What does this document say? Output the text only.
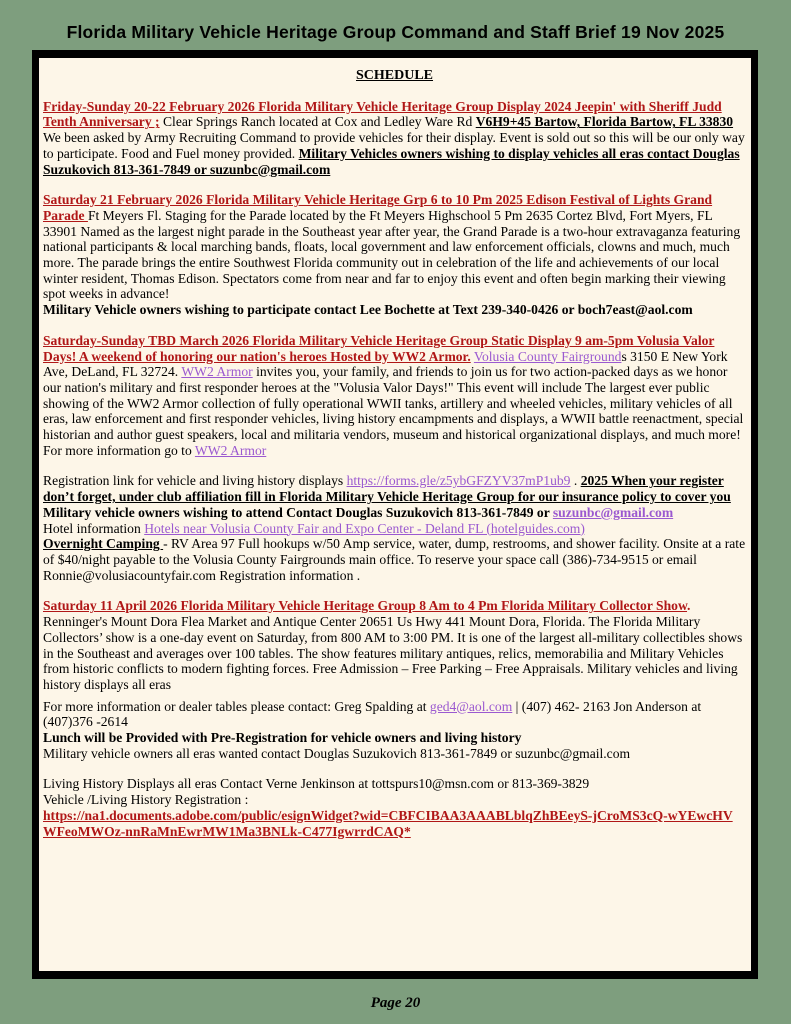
Florida Military Vehicle Heritage Group Command and Staff Brief 19 Nov 2025
SCHEDULE
Friday-Sunday 20-22 February 2026 Florida Military Vehicle Heritage Group Display 2024 Jeepin' with Sheriff Judd Tenth Anniversary ; Clear Springs Ranch located at Cox and Ledley Ware Rd V6H9+45 Bartow, Florida Bartow, FL 33830 We been asked by Army Recruiting Command to provide vehicles for their display. Event is sold out so this will be our only way to participate. Food and Fuel money provided. Military Vehicles owners wishing to display vehicles all eras contact Douglas Suzukovich 813-361-7849 or suzunbc@gmail.com
Saturday 21 February 2026 Florida Military Vehicle Heritage Grp 6 to 10 Pm 2025 Edison Festival of Lights Grand Parade Ft Meyers Fl. Staging for the Parade located by the Ft Meyers Highschool 5 Pm 2635 Cortez Blvd, Fort Myers, FL 33901 Named as the largest night parade in the Southeast year after year, the Grand Parade is a two-hour extravaganza featuring national participants & local marching bands, floats, local government and law enforcement officials, clowns and much, much more. The parade brings the entire Southwest Florida community out in celebration of the life and achievements of our local winter resident, Thomas Edison. Spectators come from near and far to enjoy this event and often begin marking their viewing spot weeks in advance!
Military Vehicle owners wishing to participate contact Lee Bochette at Text 239-340-0426 or boch7east@aol.com
Saturday-Sunday TBD March 2026 Florida Military Vehicle Heritage Group Static Display 9 am-5pm Volusia Valor Days! A weekend of honoring our nation's heroes Hosted by WW2 Armor. Volusia County Fairgrounds 3150 E New York Ave, DeLand, FL 32724. WW2 Armor invites you, your family, and friends to join us for two action-packed days as we honor our nation's military and first responder heroes at the "Volusia Valor Days!" This event will include The largest ever public showing of the WW2 Armor collection of fully operational WWII tanks, artillery and wheeled vehicles, military vehicles of all eras, law enforcement and first responder vehicles, living history encampments and displays, a WWII battle reenactment, special historian and author guest speakers, local and militaria vendors, museum and historical organizational displays, and much more! For more information go to WW2 Armor
Registration link for vehicle and living history displays https://forms.gle/z5ybGFZYV37mP1ub9 . 2025 When your register don’t forget, under club affiliation fill in Florida Military Vehicle Heritage Group for our insurance policy to cover you Military vehicle owners wishing to attend Contact Douglas Suzukovich 813-361-7849 or suzunbc@gmail.com
Hotel information Hotels near Volusia County Fair and Expo Center - Deland FL (hotelguides.com)
Overnight Camping - RV Area 97 Full hookups w/50 Amp service, water, dump, restrooms, and shower facility. Onsite at a rate of $40/night payable to the Volusia County Fairgrounds main office. To reserve your space call (386)-734-9515 or email Ronnie@volusiacountyfair.com Registration information .
Saturday 11 April 2026 Florida Military Vehicle Heritage Group 8 Am to 4 Pm Florida Military Collector Show. Renninger's Mount Dora Flea Market and Antique Center 20651 Us Hwy 441 Mount Dora, Florida. The Florida Military Collectors’ show is a one-day event on Saturday, from 800 AM to 3:00 PM. It is one of the largest all-military collectibles shows in the Southeast and averages over 100 tables. The show features military antiques, relics, memorabilia and Military Vehicles from historic conflicts to modern fighting forces. Free Admission – Free Parking – Free Appraisals. Military vehicles and living history displays all eras
For more information or dealer tables please contact: Greg Spalding at ged4@aol.com | (407) 462- 2163 Jon Anderson at (407)376 -2614
Lunch will be Provided with Pre-Registration for vehicle owners and living history
Military vehicle owners all eras wanted contact Douglas Suzukovich 813-361-7849 or suzunbc@gmail.com
Living History Displays all eras Contact Verne Jenkinson at tottspurs10@msn.com or 813-369-3829
Vehicle /Living History Registration :
https://na1.documents.adobe.com/public/esignWidget?wid=CBFCIBAA3AAABLblqZhBEeyS-jCroMS3cQ-wYEwcHVWFeoMWOz-nnRaMnEwrMW1Ma3BNLk-C477IgwrrdCAQ*
Page 20
